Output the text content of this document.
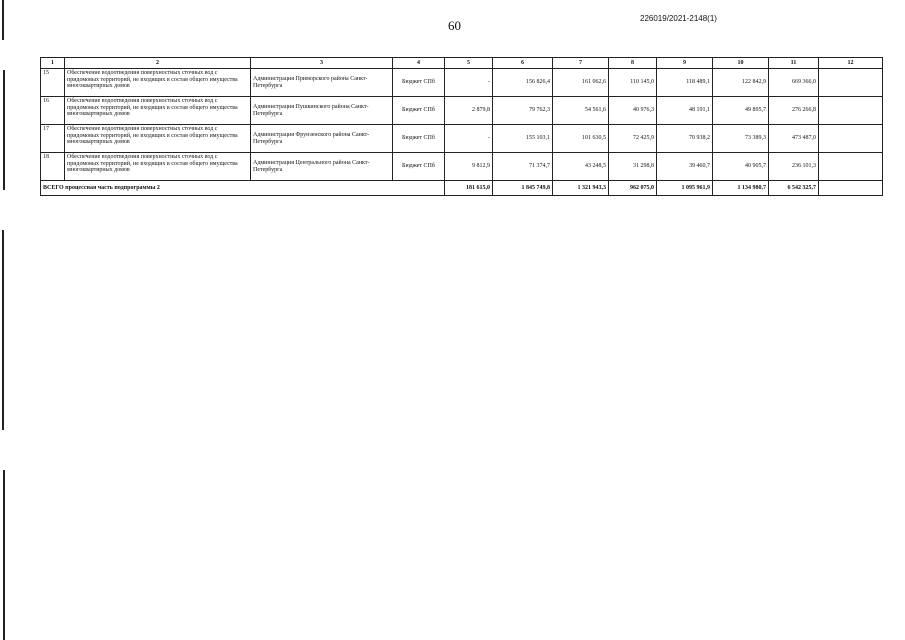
60	226019/2021-2148(1)
1	2	3	4	5	6	7	8	9	10	11	12
15	Обеспечение водоотведения поверхностных сточных вод с придомовых территорий, не входящих в состав общего имущества многоквартирных домов	Администрация Приморского района Санкт-Петербурга	Бюджет СПб	-	156 826,4	161 062,6	110 145,0	118 489,1	122 842,9	669 366,0	
16	Обеспечение водоотведения поверхностных сточных вод с придомовых территорий, не входящих в состав общего имущества многоквартирных домов	Администрация Пушкинского района Санкт-Петербурга	Бюджет СПб	2 879,8	79 762,3	54 561,6	40 976,3	48 191,1	49 895,7	276 266,8	
17	Обеспечение водоотведения поверхностных сточных вод с придомовых территорий, не входящих в состав общего имущества многоквартирных домов	Администрация Фрунзенского района Санкт-Петербурга	Бюджет СПб	-	155 103,1	101 630,5	72 425,9	70 938,2	73 389,3	473 487,0	
18	Обеспечение водоотведения поверхностных сточных вод с придомовых территорий, не входящих в состав общего имущества многоквартирных домов	Администрация Центрального района Санкт-Петербурга	Бюджет СПб	9 812,9	71 374,7	43 248,5	31 298,8	39 460,7	40 905,7	236 101,3	
ВСЕГО процессная часть подпрограммы 2				181 615,0	1 845 749,8	1 321 943,3	962 075,0	1 095 961,9	1 134 980,7	6 542 325,7	
